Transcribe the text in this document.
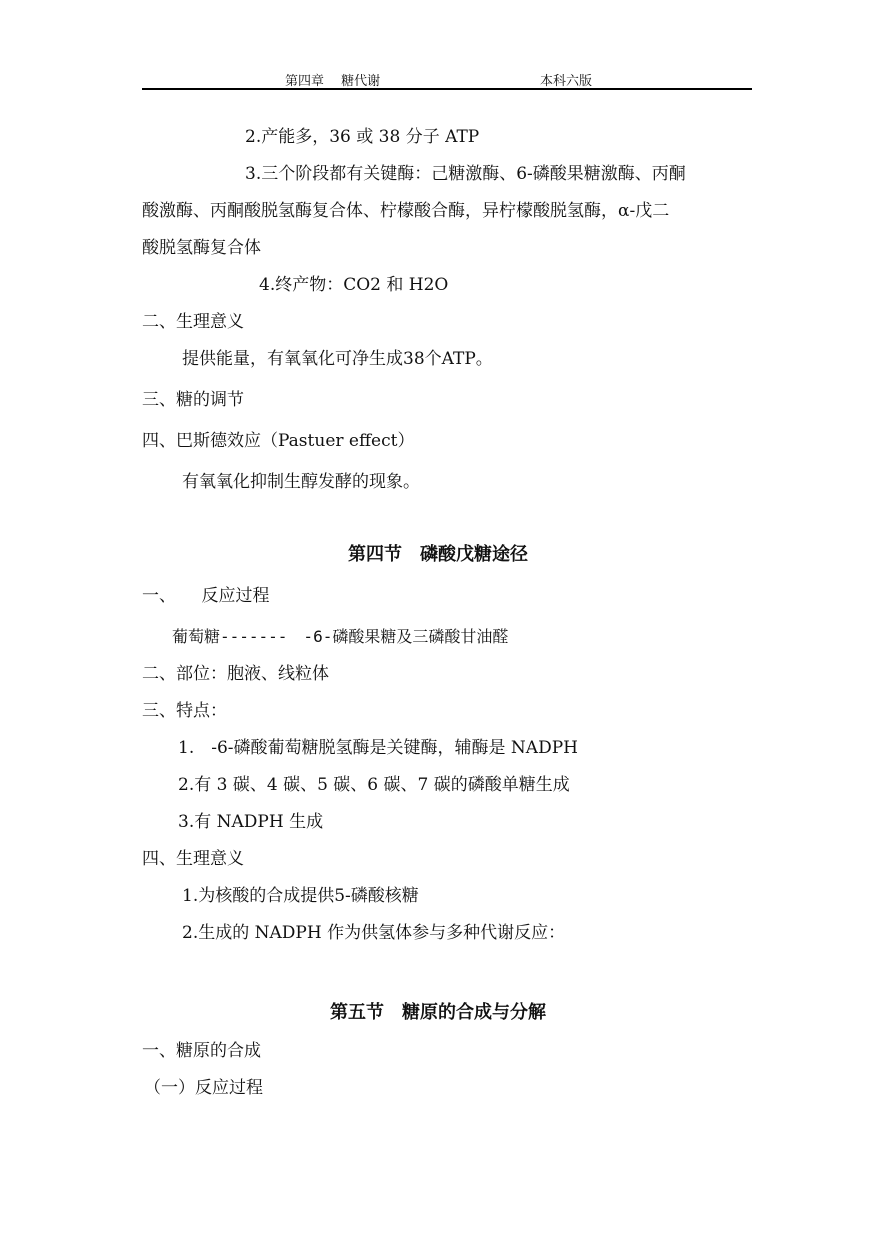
第四章　 糖代谢	本科六版
2.产能多，36 或 38 分子 ATP
3.三个阶段都有关键酶：己糖激酶、6-磷酸果糖激酶、丙酮
酸激酶、丙酮酸脱氢酶复合体、柠檬酸合酶，异柠檬酸脱氢酶，α-戊二
酸脱氢酶复合体
4.终产物：CO2 和 H2O
二、生理意义
提供能量，有氧氧化可净生成38个ATP。
三、糖的调节
四、巴斯德效应（Pastuer effect）
有氧氧化抑制生醇发酵的现象。
第四节　磷酸戊糖途径
一、　　反应过程
葡萄糖-------　-6-磷酸果糖及三磷酸甘油醛
二、部位：胞液、线粒体
三、特点：
1.　-6-磷酸葡萄糖脱氢酶是关键酶，辅酶是 NADPH
2.有 3 碳、4 碳、5 碳、6 碳、7 碳的磷酸单糖生成
3.有 NADPH 生成
四、生理意义
1.为核酸的合成提供5-磷酸核糖
2.生成的 NADPH 作为供氢体参与多种代谢反应：
第五节　糖原的合成与分解
一、糖原的合成
（一）反应过程
